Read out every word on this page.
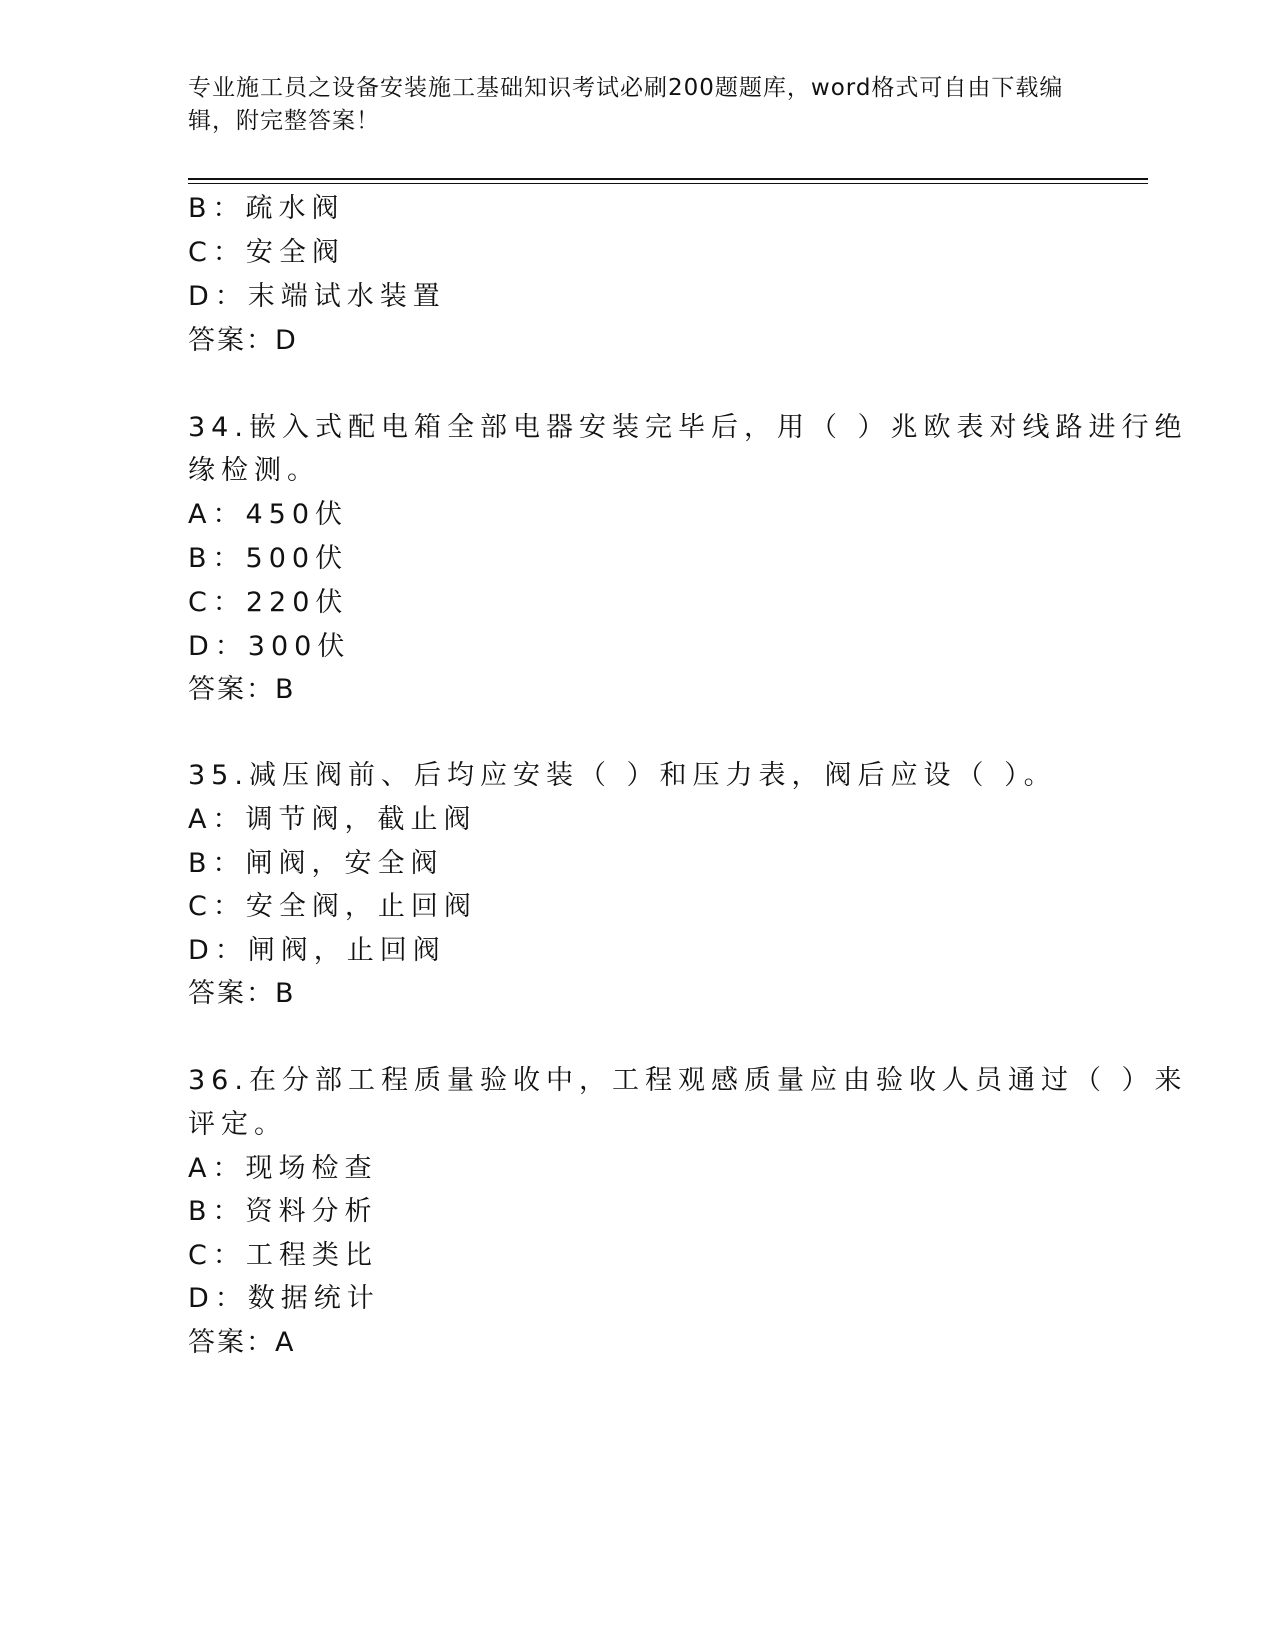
专业施工员之设备安装施工基础知识考试必刷200题题库，word格式可自由下载编辑，附完整答案！
B：疏水阀
C：安全阀
D：末端试水装置
答案：D
34.嵌入式配电箱全部电器安装完毕后，用（ ）兆欧表对线路进行绝
缘检测。
A：450伏
B：500伏
C：220伏
D：300伏
答案：B
35.减压阀前、后均应安装（ ）和压力表，阀后应设（ ）。
A：调节阀，截止阀
B：闸阀，安全阀
C：安全阀，止回阀
D：闸阀，止回阀
答案：B
36.在分部工程质量验收中，工程观感质量应由验收人员通过（ ）来
评定。
A：现场检查
B：资料分析
C：工程类比
D：数据统计
答案：A
